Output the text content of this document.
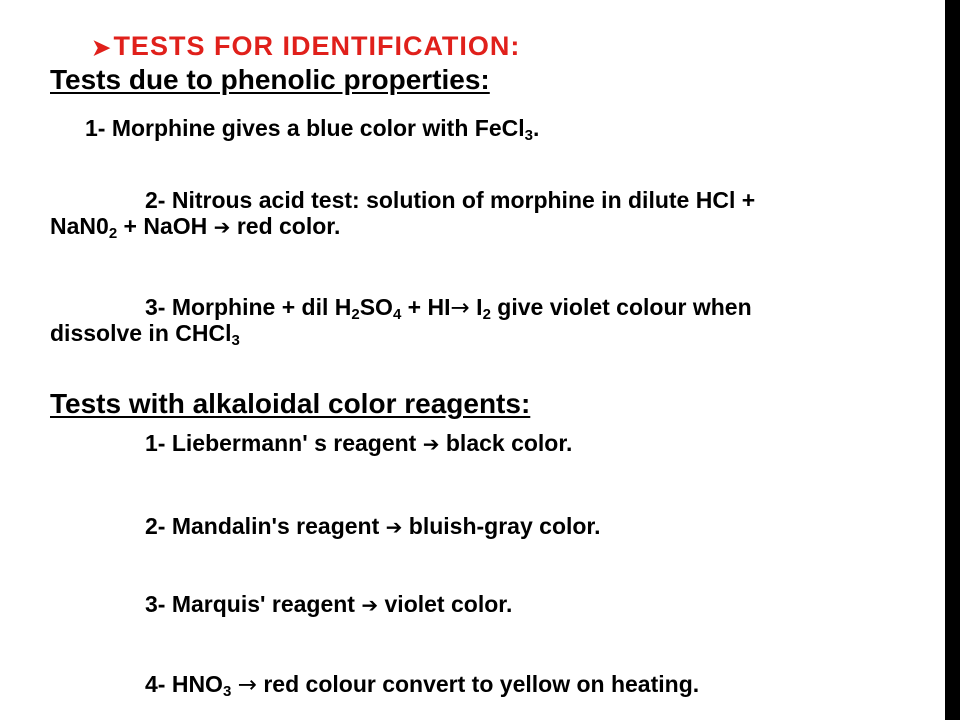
➤TESTS FOR IDENTIFICATION:
Tests due to phenolic properties:
1- Morphine gives a blue color with FeCl$_3$.
2- Nitrous acid test: solution of morphine in dilute HCl +
$NaN0_2$ + NaOH ➔ red color.
3- Morphine + dil $H_2SO_4 + HI\to I_2$ give violet colour when
dissolve in CHCl$_3$
Tests with alkaloidal color reagents:
1- Liebermann' s reagent ➔ black color.
2- Mandalin's reagent ➔ bluish-gray color.
3- Marquis' reagent ➔ violet color.
4- $HNO_3$ → red colour convert to yellow on heating.
